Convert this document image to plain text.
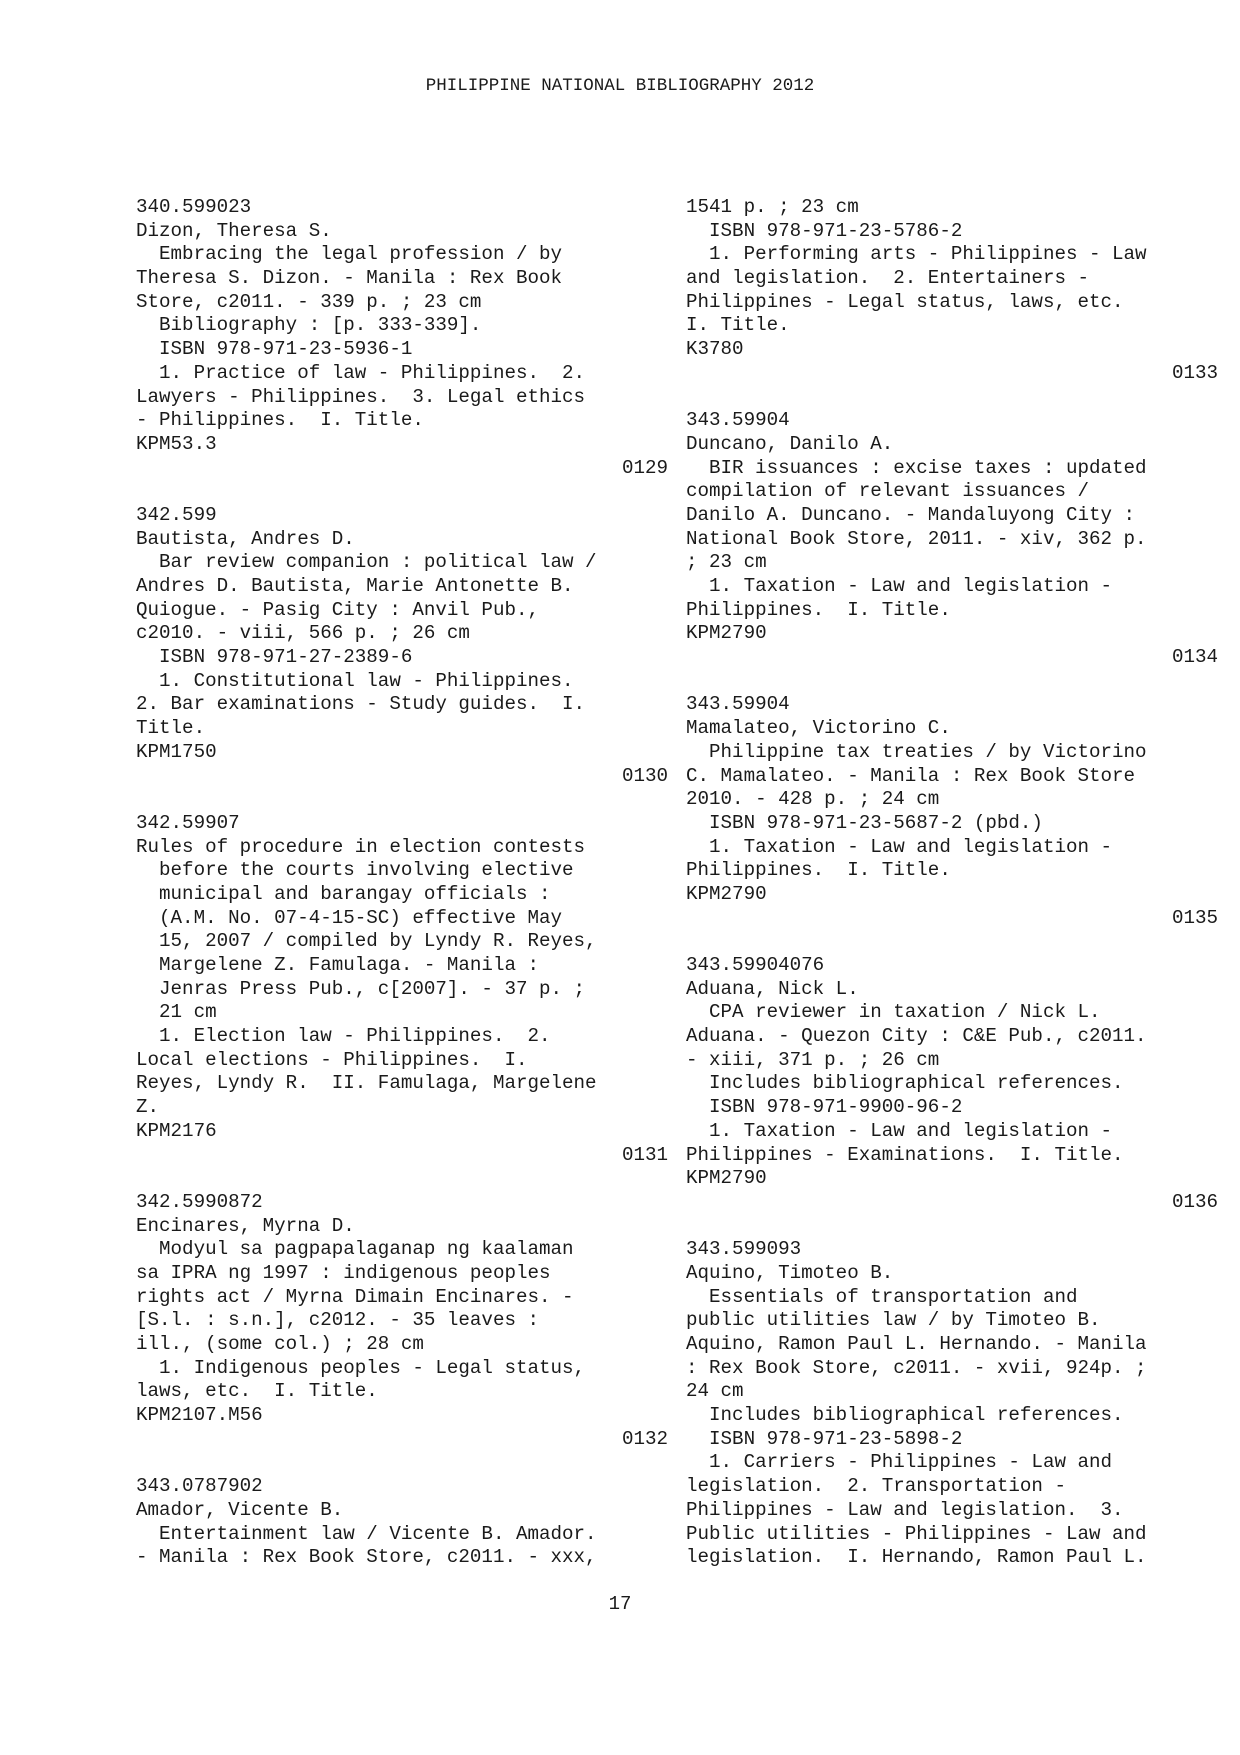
PHILIPPINE NATIONAL BIBLIOGRAPHY 2012
340.599023
Dizon, Theresa S.
Embracing the legal profession / by
Theresa S. Dizon. - Manila : Rex Book
Store, c2011. - 339 p. ; 23 cm
Bibliography : [p. 333-339].
ISBN 978-971-23-5936-1
1. Practice of law - Philippines.  2.
Lawyers - Philippines.  3. Legal ethics
- Philippines.  I. Title.
KPM53.3
0129
342.599
Bautista, Andres D.
Bar review companion : political law /
Andres D. Bautista, Marie Antonette B.
Quiogue. - Pasig City : Anvil Pub.,
c2010. - viii, 566 p. ; 26 cm
ISBN 978-971-27-2389-6
1. Constitutional law - Philippines.
2. Bar examinations - Study guides.  I.
Title.
KPM1750
0130
342.59907
Rules of procedure in election contests
before the courts involving elective
municipal and barangay officials :
(A.M. No. 07-4-15-SC) effective May
15, 2007 / compiled by Lyndy R. Reyes,
Margelene Z. Famulaga. - Manila :
Jenras Press Pub., c[2007]. - 37 p. ;
21 cm
1. Election law - Philippines.  2.
Local elections - Philippines.  I.
Reyes, Lyndy R.  II. Famulaga, Margelene
Z.
KPM2176
0131
342.5990872
Encinares, Myrna D.
Modyul sa pagpapalaganap ng kaalaman
sa IPRA ng 1997 : indigenous peoples
rights act / Myrna Dimain Encinares. -
[S.l. : s.n.], c2012. - 35 leaves :
ill., (some col.) ; 28 cm
1. Indigenous peoples - Legal status,
laws, etc.  I. Title.
KPM2107.M56
0132
343.0787902
Amador, Vicente B.
Entertainment law / Vicente B. Amador.
- Manila : Rex Book Store, c2011. - xxx,
1541 p. ; 23 cm
ISBN 978-971-23-5786-2
1. Performing arts - Philippines - Law
and legislation.  2. Entertainers -
Philippines - Legal status, laws, etc.
I. Title.
K3780
0133
343.59904
Duncano, Danilo A.
BIR issuances : excise taxes : updated
compilation of relevant issuances /
Danilo A. Duncano. - Mandaluyong City :
National Book Store, 2011. - xiv, 362 p.
; 23 cm
1. Taxation - Law and legislation -
Philippines.  I. Title.
KPM2790
0134
343.59904
Mamalateo, Victorino C.
Philippine tax treaties / by Victorino
C. Mamalateo. - Manila : Rex Book Store
2010. - 428 p. ; 24 cm
ISBN 978-971-23-5687-2 (pbd.)
1. Taxation - Law and legislation -
Philippines.  I. Title.
KPM2790
0135
343.59904076
Aduana, Nick L.
CPA reviewer in taxation / Nick L.
Aduana. - Quezon City : C&E Pub., c2011.
- xiii, 371 p. ; 26 cm
Includes bibliographical references.
ISBN 978-971-9900-96-2
1. Taxation - Law and legislation -
Philippines - Examinations.  I. Title.
KPM2790
0136
343.599093
Aquino, Timoteo B.
Essentials of transportation and
public utilities law / by Timoteo B.
Aquino, Ramon Paul L. Hernando. - Manila
: Rex Book Store, c2011. - xvii, 924p. ;
24 cm
Includes bibliographical references.
ISBN 978-971-23-5898-2
1. Carriers - Philippines - Law and
legislation.  2. Transportation -
Philippines - Law and legislation.  3.
Public utilities - Philippines - Law and
legislation.  I. Hernando, Ramon Paul L.
17
